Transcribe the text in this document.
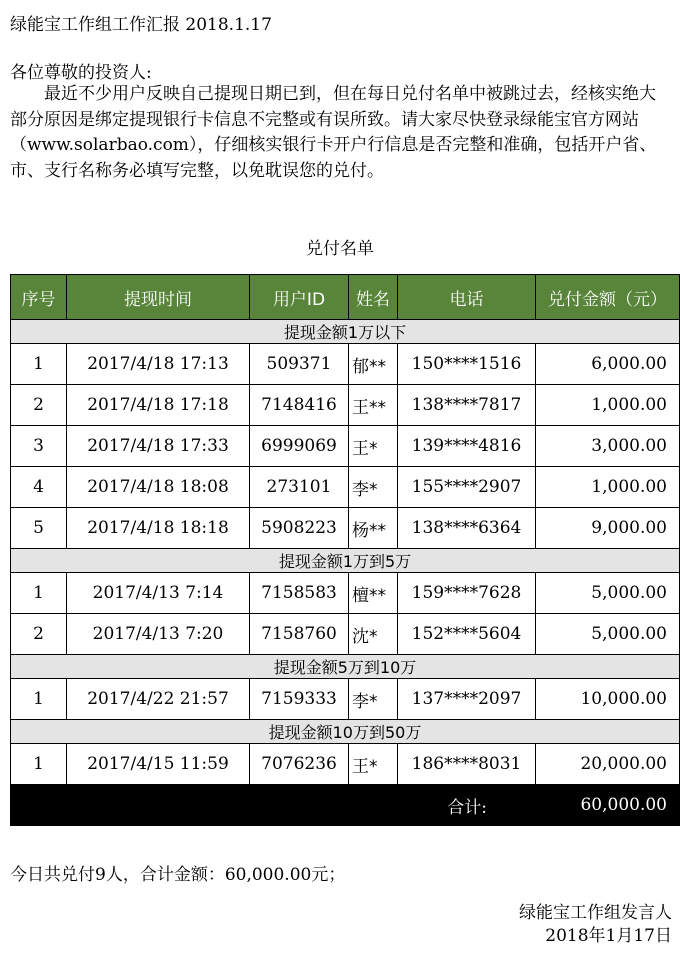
绿能宝工作组工作汇报 2018.1.17
各位尊敬的投资人:

最近不少用户反映自己提现日期已到，但在每日兑付名单中被跳过去，经核实绝大部分原因是绑定提现银行卡信息不完整或有误所致。请大家尽快登录绿能宝官方网站（www.solarbao.com），仔细核实银行卡开户行信息是否完整和准确，包括开户省、市、支行名称务必填写完整，以免耽误您的兑付。

兑付名单
序号	提现时间	用户ID	姓名	电话	兑付金额（元）
提现金额1万以下					
1	2017/4/18 17:13	509371	郁**	150****1516	6,000.00
2	2017/4/18 17:18	7148416	王**	138****7817	1,000.00
3	2017/4/18 17:33	6999069	王*	139****4816	3,000.00
4	2017/4/18 18:08	273101	李*	155****2907	1,000.00
5	2017/4/18 18:18	5908223	杨**	138****6364	9,000.00
提现金额1万到5万					
1	2017/4/13 7:14	7158583	檀**	159****7628	5,000.00
2	2017/4/13 7:20	7158760	沈*	152****5604	5,000.00
提现金额5万到10万					
1	2017/4/22 21:57	7159333	李*	137****2097	10,000.00
提现金额10万到50万					
1	2017/4/15 11:59	7076236	王*	186****8031	20,000.00
合计:					60,000.00
今日共兑付9人，合计金额：60,000.00元；
绿能宝工作组发言人
2018年1月17日
